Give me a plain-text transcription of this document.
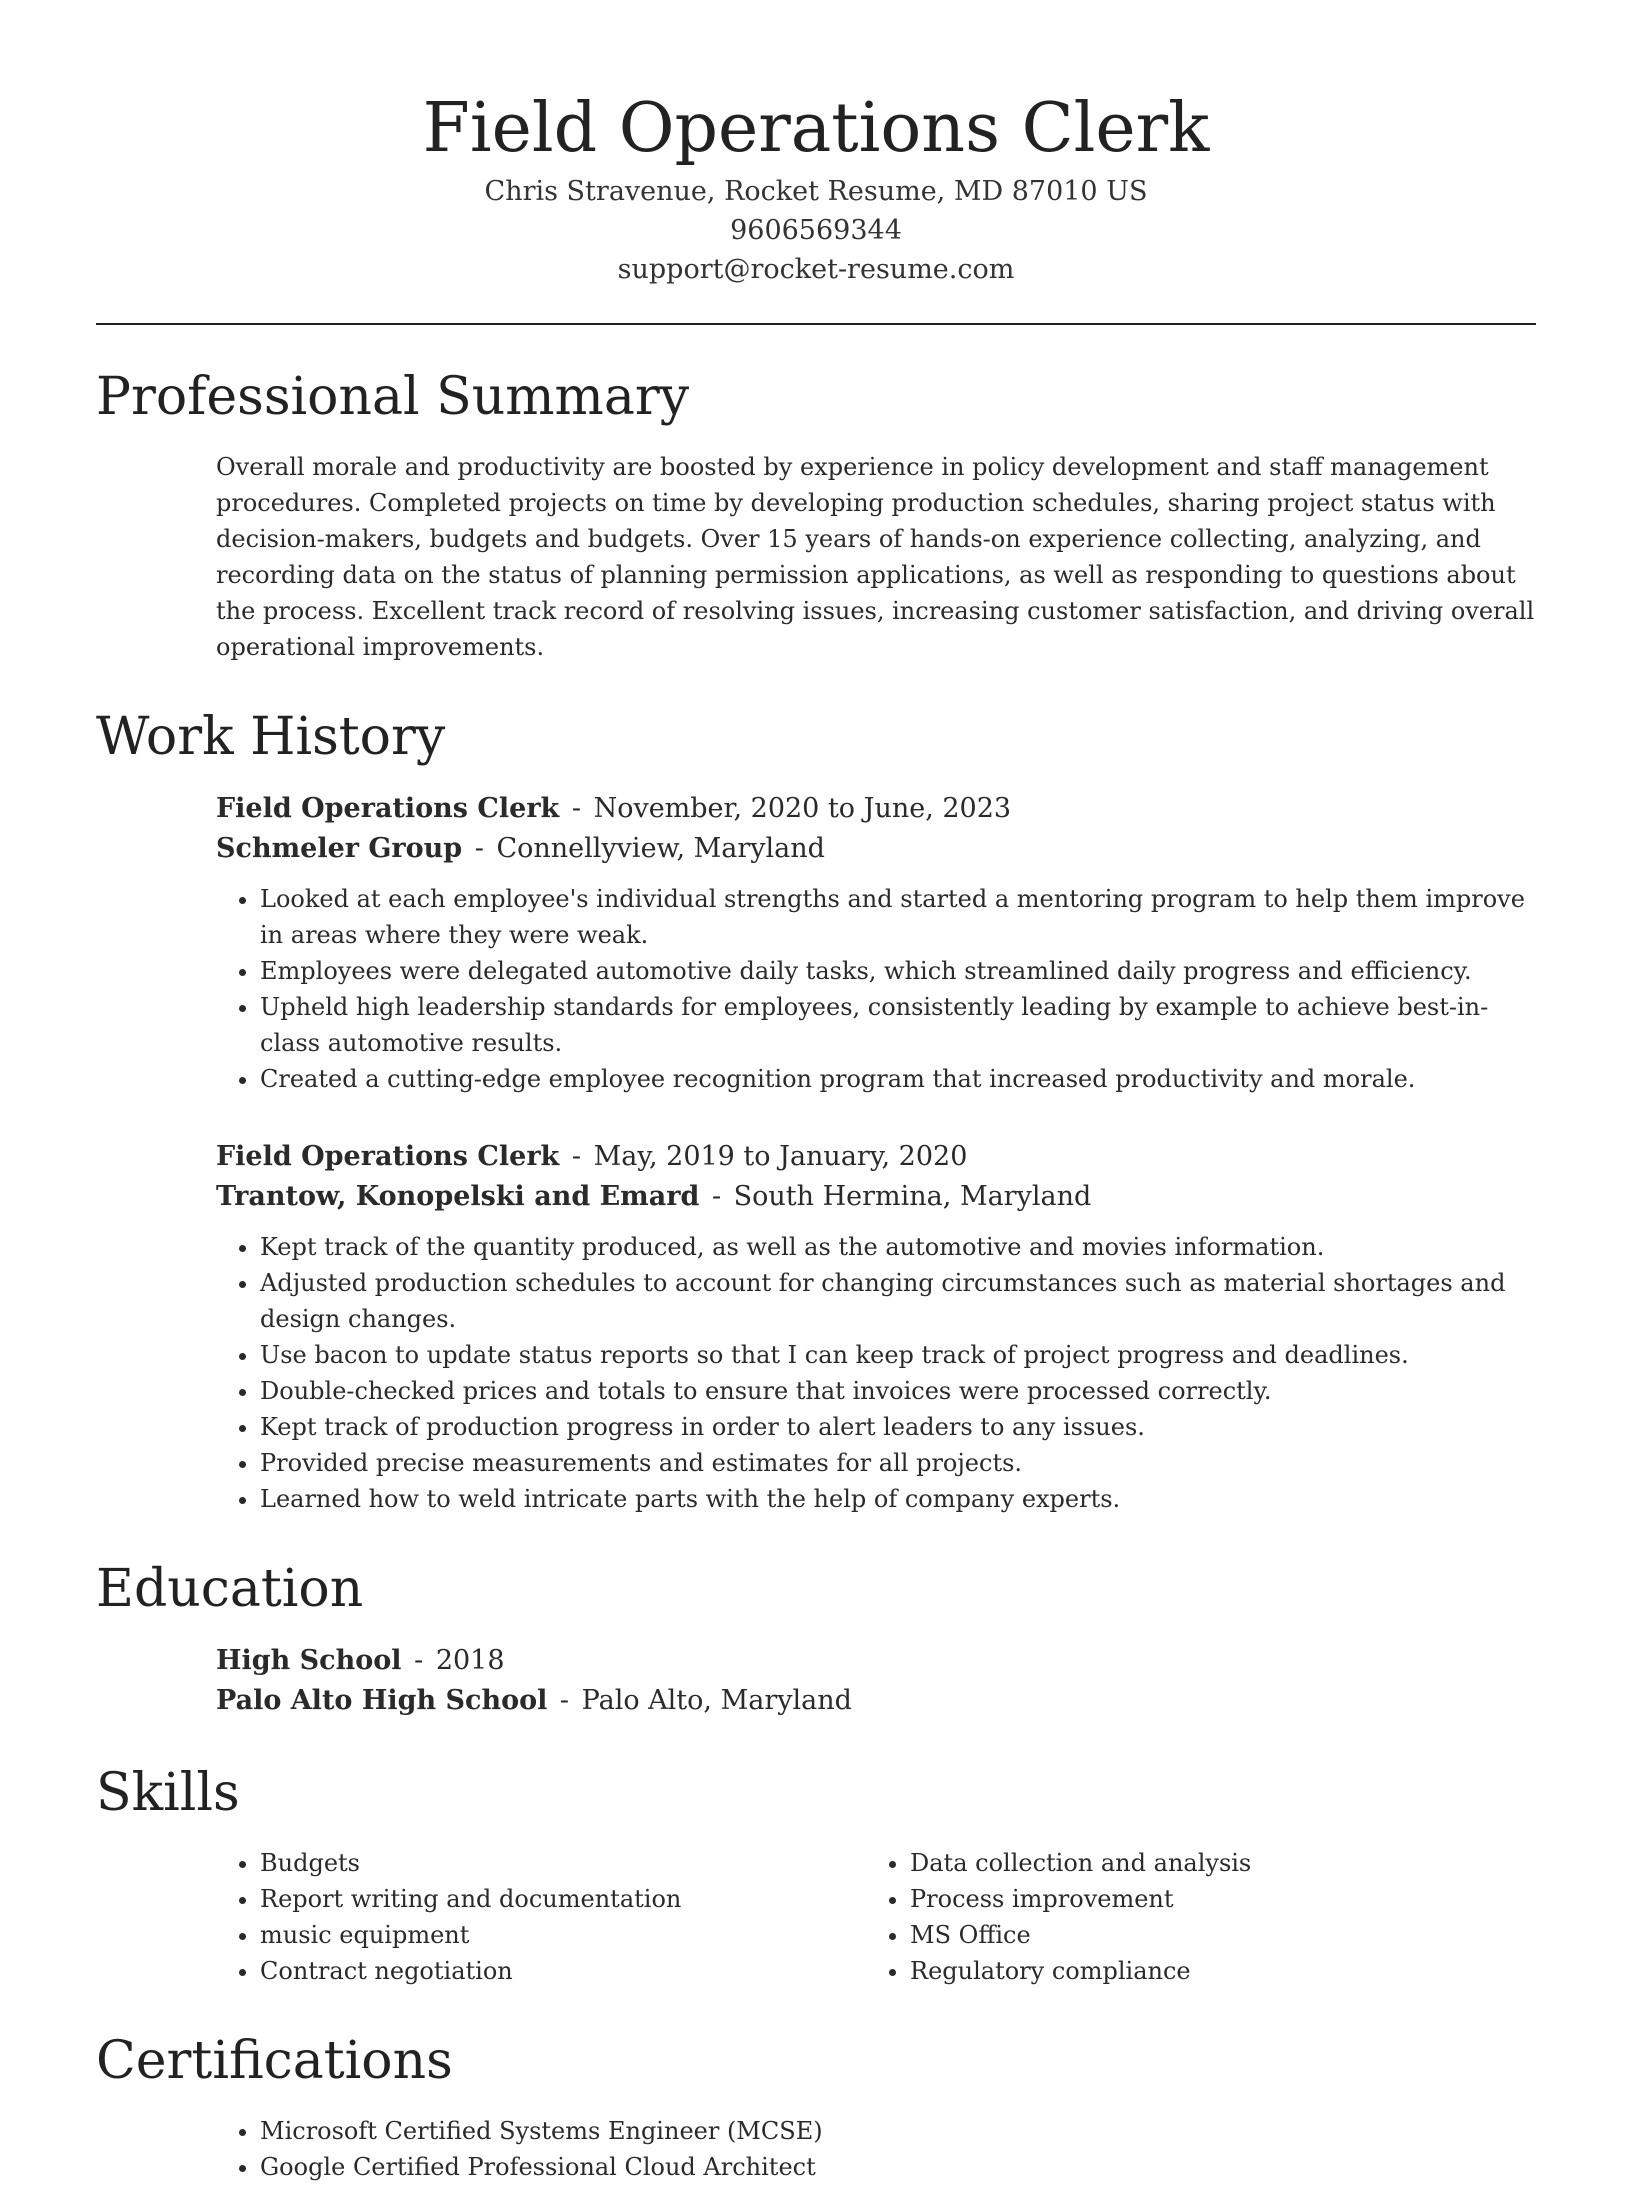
Field Operations Clerk
Chris Stravenue, Rocket Resume, MD 87010 US
9606569344
support@rocket-resume.com
Professional Summary

Overall morale and productivity are boosted by experience in policy development and staff management procedures. Completed projects on time by developing production schedules, sharing project status with decision-makers, budgets and budgets. Over 15 years of hands-on experience collecting, analyzing, and recording data on the status of planning permission applications, as well as responding to questions about the process. Excellent track record of resolving issues, increasing customer satisfaction, and driving overall operational improvements.

Work History
Field Operations Clerk - November, 2020 to June, 2023
Schmeler Group - Connellyview, Maryland
• Looked at each employee's individual strengths and started a mentoring program to help them improve in areas where they were weak.
• Employees were delegated automotive daily tasks, which streamlined daily progress and efficiency.
• Upheld high leadership standards for employees, consistently leading by example to achieve best-in-class automotive results.
• Created a cutting-edge employee recognition program that increased productivity and morale.
Field Operations Clerk - May, 2019 to January, 2020
Trantow, Konopelski and Emard - South Hermina, Maryland
• Kept track of the quantity produced, as well as the automotive and movies information.
• Adjusted production schedules to account for changing circumstances such as material shortages and design changes.
• Use bacon to update status reports so that I can keep track of project progress and deadlines.
• Double-checked prices and totals to ensure that invoices were processed correctly.
• Kept track of production progress in order to alert leaders to any issues.
• Provided precise measurements and estimates for all projects.
• Learned how to weld intricate parts with the help of company experts.
Education
High School - 2018
Palo Alto High School - Palo Alto, Maryland
Skills
• Budgets
• Report writing and documentation
• music equipment
• Contract negotiation
• Data collection and analysis
• Process improvement
• MS Office
• Regulatory compliance
Certifications
• Microsoft Certified Systems Engineer (MCSE)
• Google Certified Professional Cloud Architect
